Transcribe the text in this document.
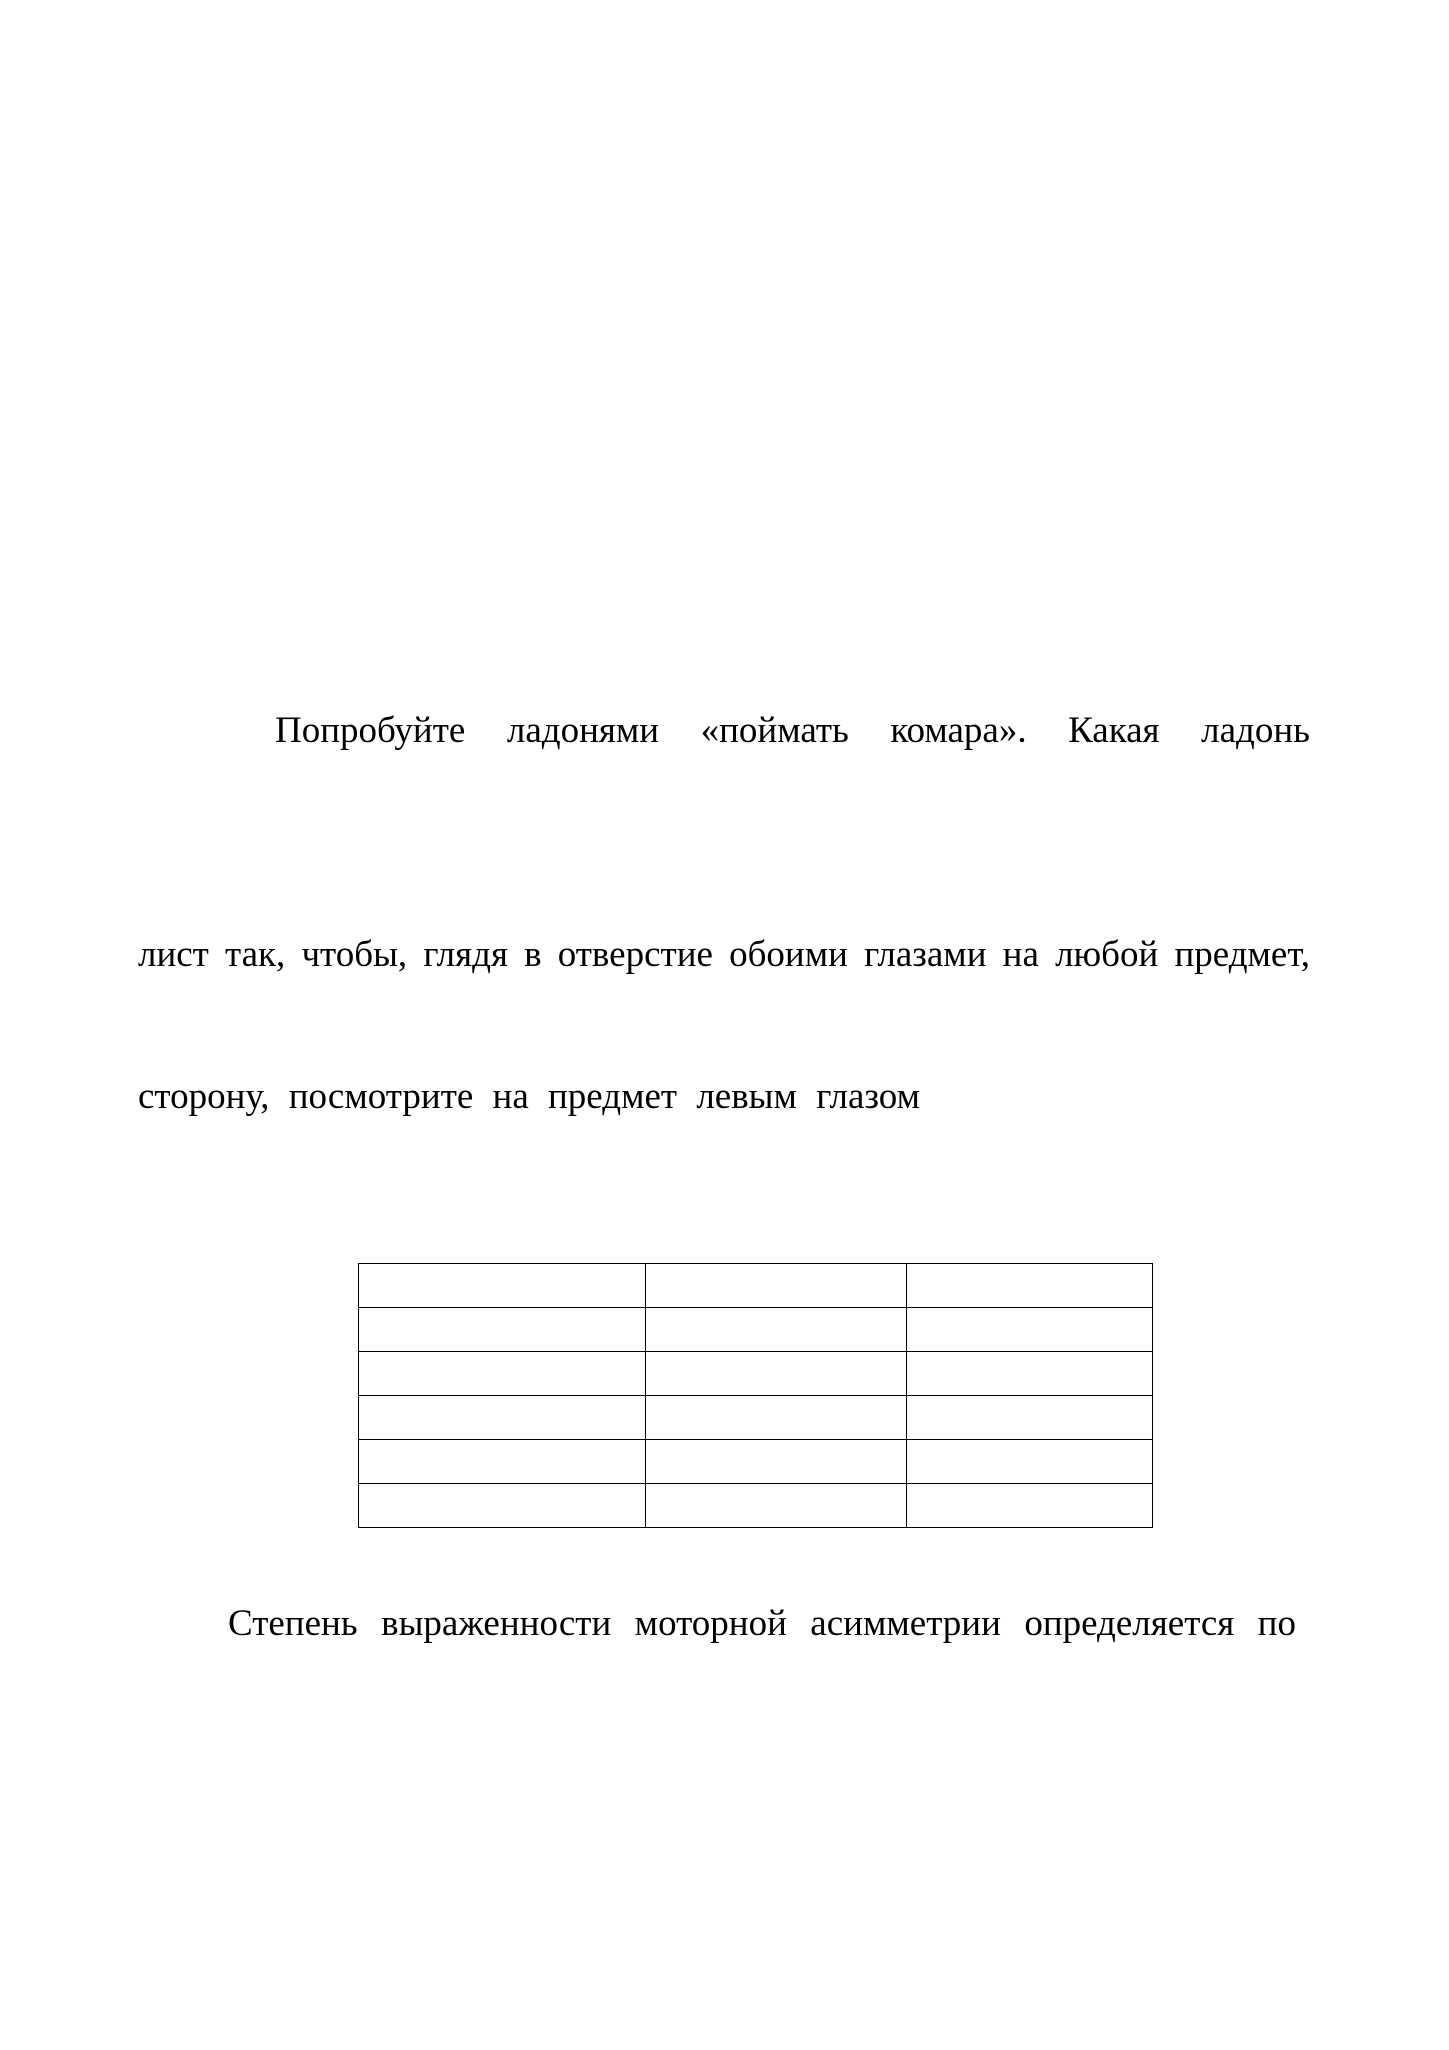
Попробуйте ладонями «поймать комара». Какая ладонь

лист так, чтобы, глядя в отверстие обоими глазами на любой предмет,

сторону, посмотрите на предмет левым глазом

Степень выраженности моторной асимметрии определяется по
